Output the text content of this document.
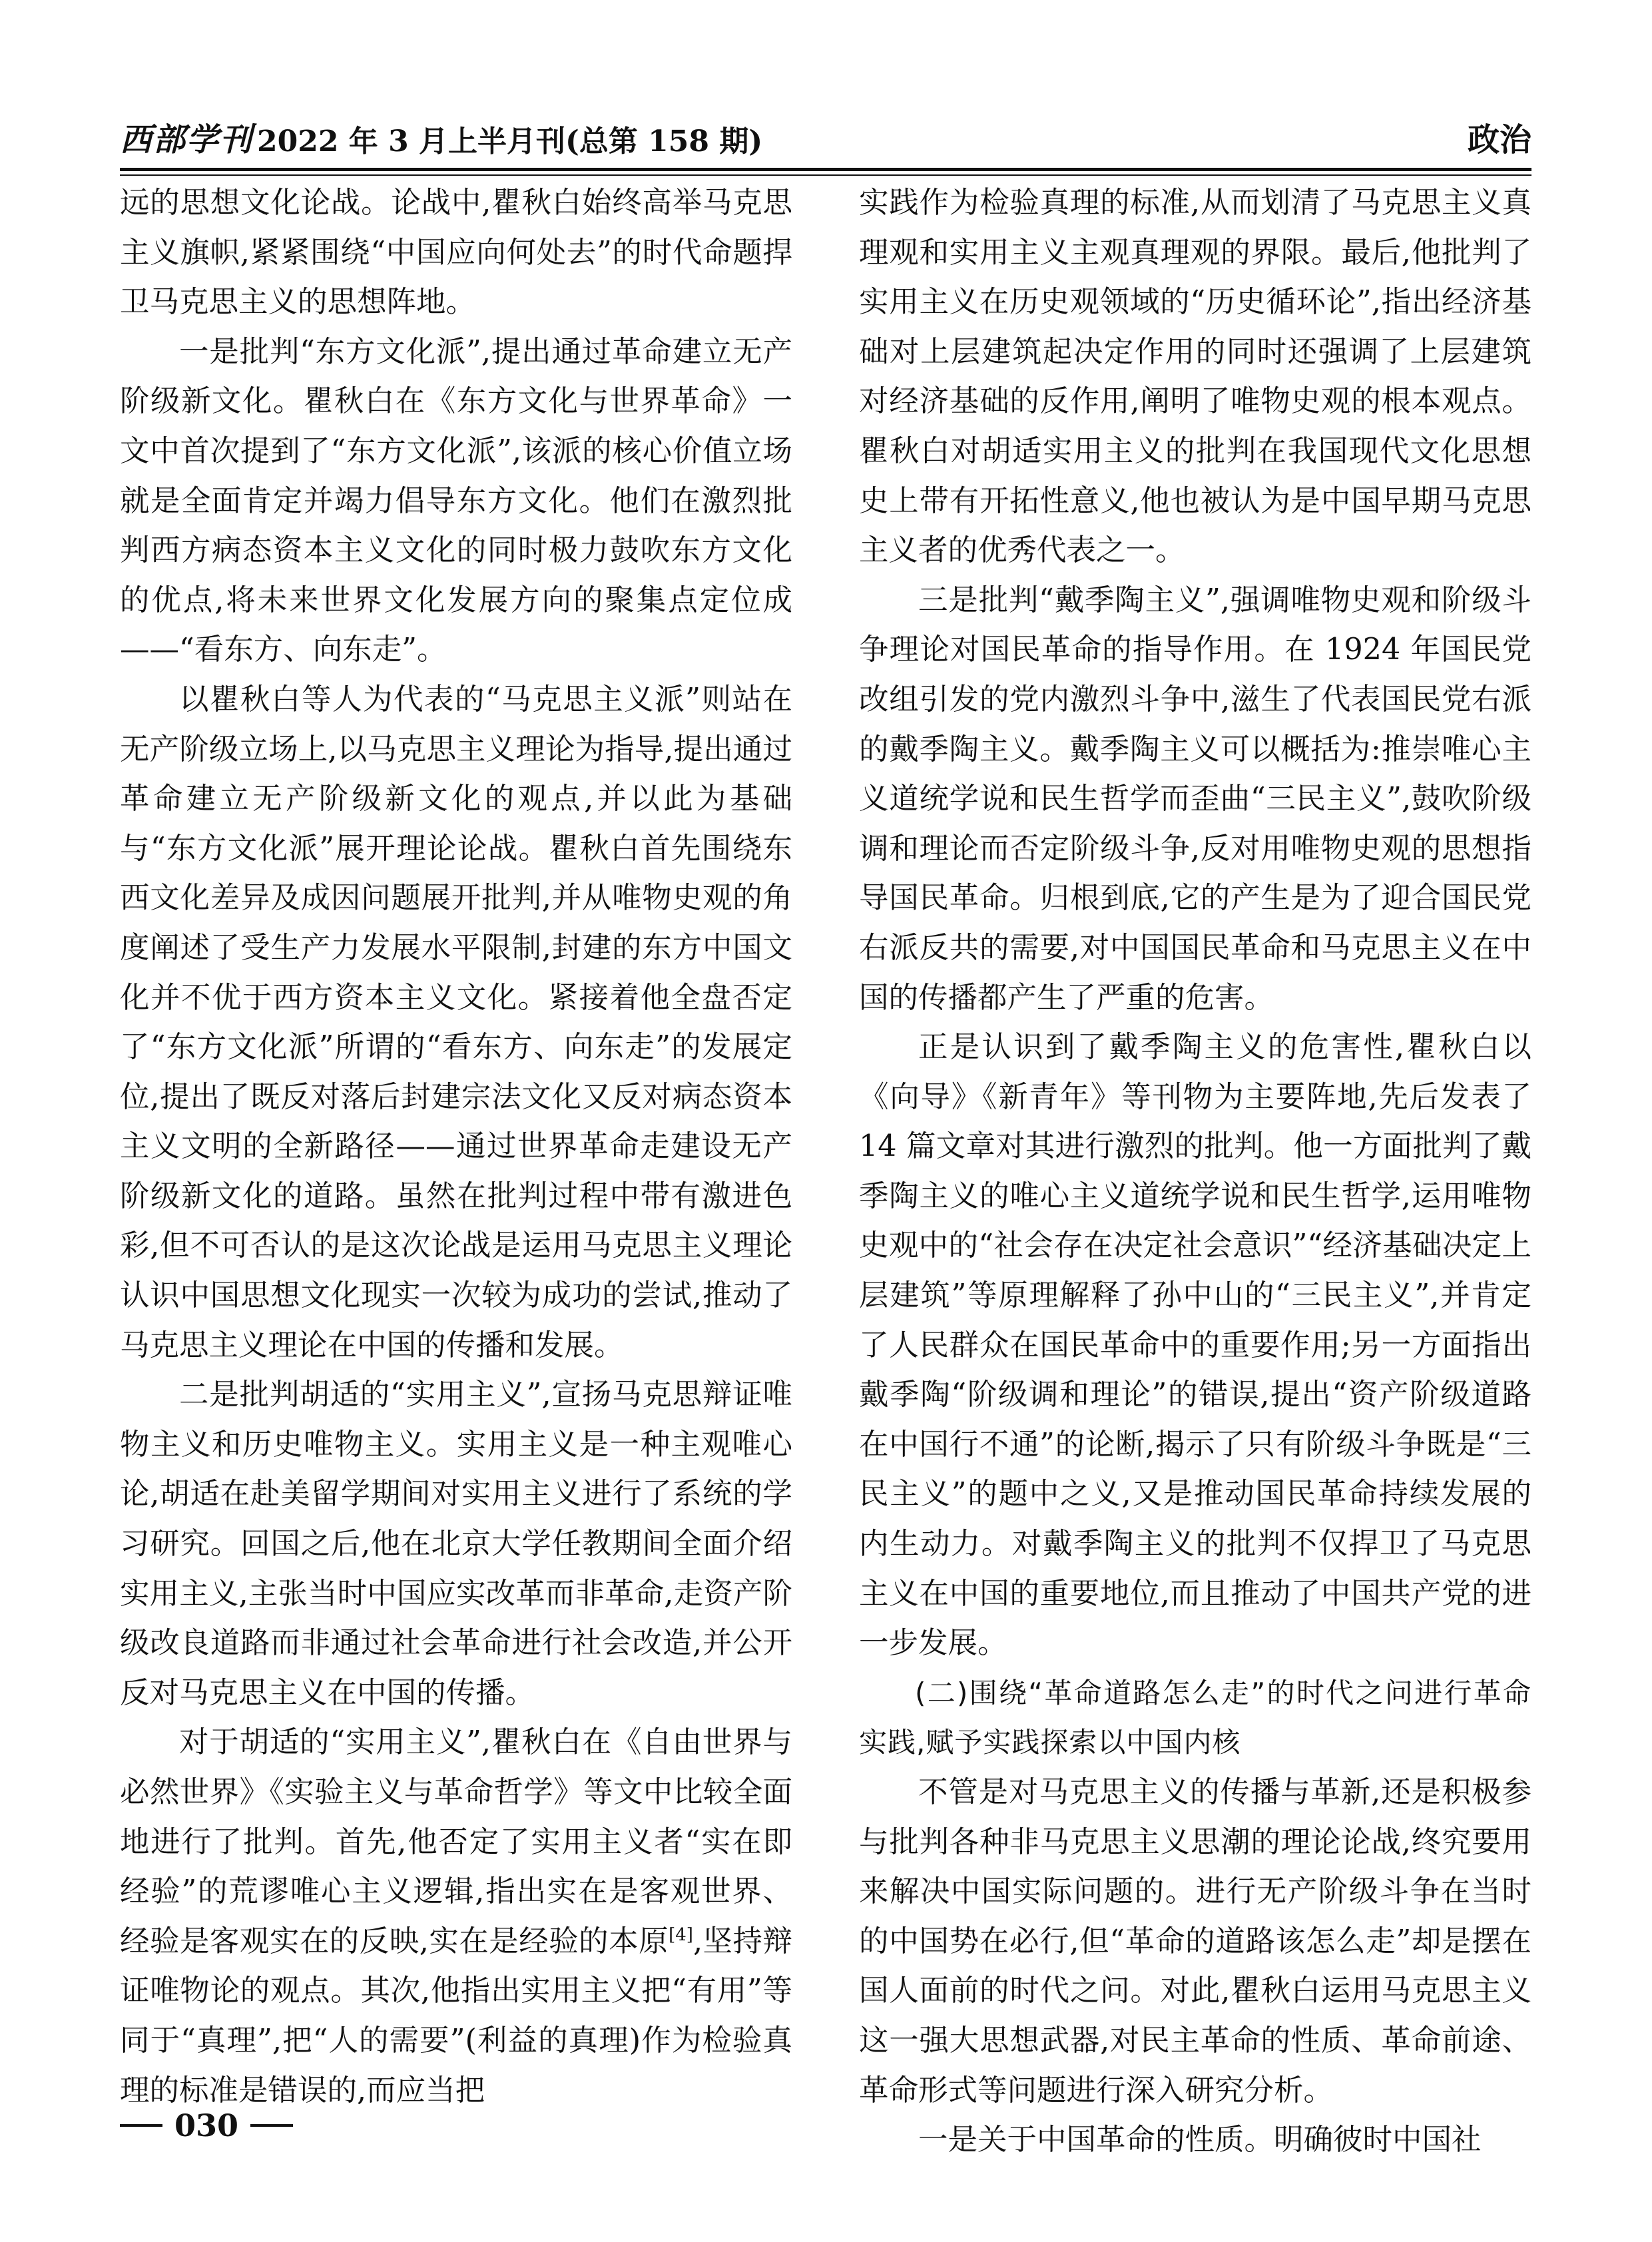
西部学刊 2022 年 3 月上半月刊(总第 158 期)	政治

远的思想文化论战。论战中,瞿秋白始终高举马克思主义旗帜,紧紧围绕“中国应向何处去”的时代命题捍卫马克思主义的思想阵地。

一是批判“东方文化派”,提出通过革命建立无产阶级新文化。瞿秋白在《东方文化与世界革命》一文中首次提到了“东方文化派”,该派的核心价值立场就是全面肯定并竭力倡导东方文化。他们在激烈批判西方病态资本主义文化的同时极力鼓吹东方文化的优点,将未来世界文化发展方向的聚集点定位成——“看东方、向东走”。

以瞿秋白等人为代表的“马克思主义派”则站在无产阶级立场上,以马克思主义理论为指导,提出通过革命建立无产阶级新文化的观点,并以此为基础与“东方文化派”展开理论论战。瞿秋白首先围绕东西文化差异及成因问题展开批判,并从唯物史观的角度阐述了受生产力发展水平限制,封建的东方中国文化并不优于西方资本主义文化。紧接着他全盘否定了“东方文化派”所谓的“看东方、向东走”的发展定位,提出了既反对落后封建宗法文化又反对病态资本主义文明的全新路径——通过世界革命走建设无产阶级新文化的道路。虽然在批判过程中带有激进色彩,但不可否认的是这次论战是运用马克思主义理论认识中国思想文化现实一次较为成功的尝试,推动了马克思主义理论在中国的传播和发展。

二是批判胡适的“实用主义”,宣扬马克思辩证唯物主义和历史唯物主义。实用主义是一种主观唯心论,胡适在赴美留学期间对实用主义进行了系统的学习研究。回国之后,他在北京大学任教期间全面介绍实用主义,主张当时中国应实改革而非革命,走资产阶级改良道路而非通过社会革命进行社会改造,并公开反对马克思主义在中国的传播。

对于胡适的“实用主义”,瞿秋白在《自由世界与必然世界》《实验主义与革命哲学》等文中比较全面地进行了批判。首先,他否定了实用主义者“实在即经验”的荒谬唯心主义逻辑,指出实在是客观世界、经验是客观实在的反映,实在是经验的本原[4],坚持辩证唯物论的观点。其次,他指出实用主义把“有用”等同于“真理”,把“人的需要”(利益的真理)作为检验真理的标准是错误的,而应当把

实践作为检验真理的标准,从而划清了马克思主义真理观和实用主义主观真理观的界限。最后,他批判了实用主义在历史观领域的“历史循环论”,指出经济基础对上层建筑起决定作用的同时还强调了上层建筑对经济基础的反作用,阐明了唯物史观的根本观点。瞿秋白对胡适实用主义的批判在我国现代文化思想史上带有开拓性意义,他也被认为是中国早期马克思主义者的优秀代表之一。

三是批判“戴季陶主义”,强调唯物史观和阶级斗争理论对国民革命的指导作用。在 1924 年国民党改组引发的党内激烈斗争中,滋生了代表国民党右派的戴季陶主义。戴季陶主义可以概括为:推崇唯心主义道统学说和民生哲学而歪曲“三民主义”,鼓吹阶级调和理论而否定阶级斗争,反对用唯物史观的思想指导国民革命。归根到底,它的产生是为了迎合国民党右派反共的需要,对中国国民革命和马克思主义在中国的传播都产生了严重的危害。

正是认识到了戴季陶主义的危害性,瞿秋白以《向导》《新青年》等刊物为主要阵地,先后发表了 14 篇文章对其进行激烈的批判。他一方面批判了戴季陶主义的唯心主义道统学说和民生哲学,运用唯物史观中的“社会存在决定社会意识”“经济基础决定上层建筑”等原理解释了孙中山的“三民主义”,并肯定了人民群众在国民革命中的重要作用;另一方面指出戴季陶“阶级调和理论”的错误,提出“资产阶级道路在中国行不通”的论断,揭示了只有阶级斗争既是“三民主义”的题中之义,又是推动国民革命持续发展的内生动力。对戴季陶主义的批判不仅捍卫了马克思主义在中国的重要地位,而且推动了中国共产党的进一步发展。

(二)围绕“革命道路怎么走”的时代之问进行革命实践,赋予实践探索以中国内核

不管是对马克思主义的传播与革新,还是积极参与批判各种非马克思主义思潮的理论论战,终究要用来解决中国实际问题的。进行无产阶级斗争在当时的中国势在必行,但“革命的道路该怎么走”却是摆在国人面前的时代之问。对此,瞿秋白运用马克思主义这一强大思想武器,对民主革命的性质、革命前途、革命形式等问题进行深入研究分析。

一是关于中国革命的性质。明确彼时中国社

030
